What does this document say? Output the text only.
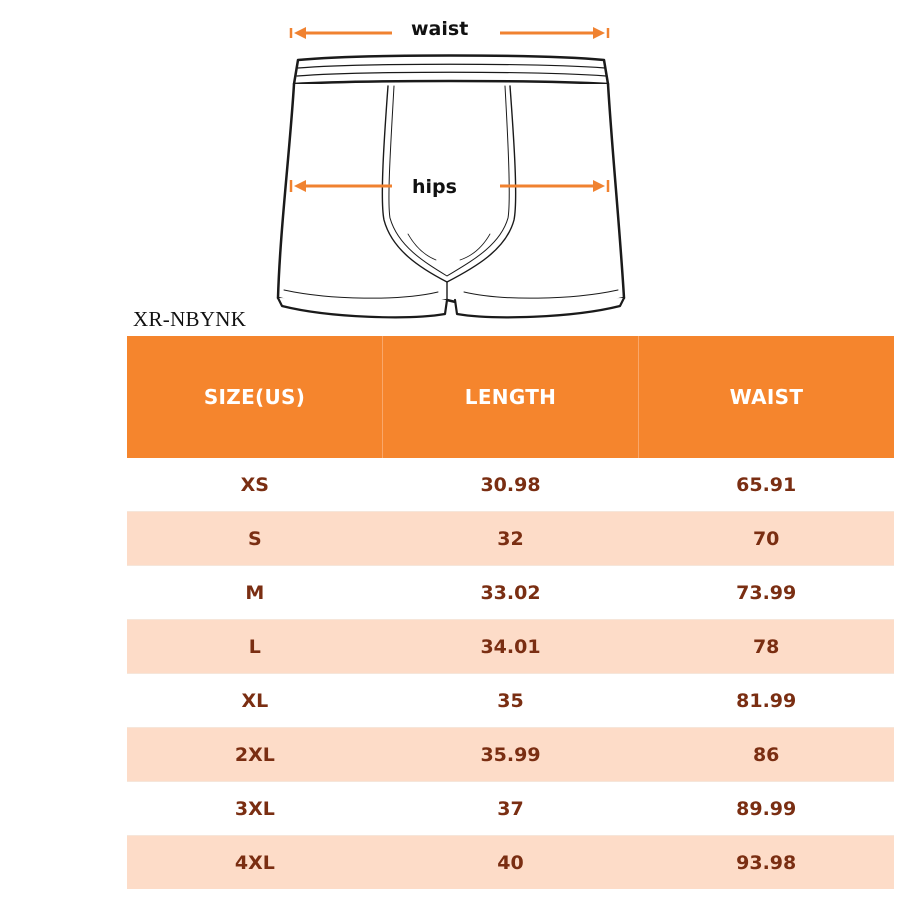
waist
hips
XR-NBYNK
SIZE(US)	LENGTH	WAIST
XS	30.98	65.91
S	32	70
M	33.02	73.99
L	34.01	78
XL	35	81.99
2XL	35.99	86
3XL	37	89.99
4XL	40	93.98
